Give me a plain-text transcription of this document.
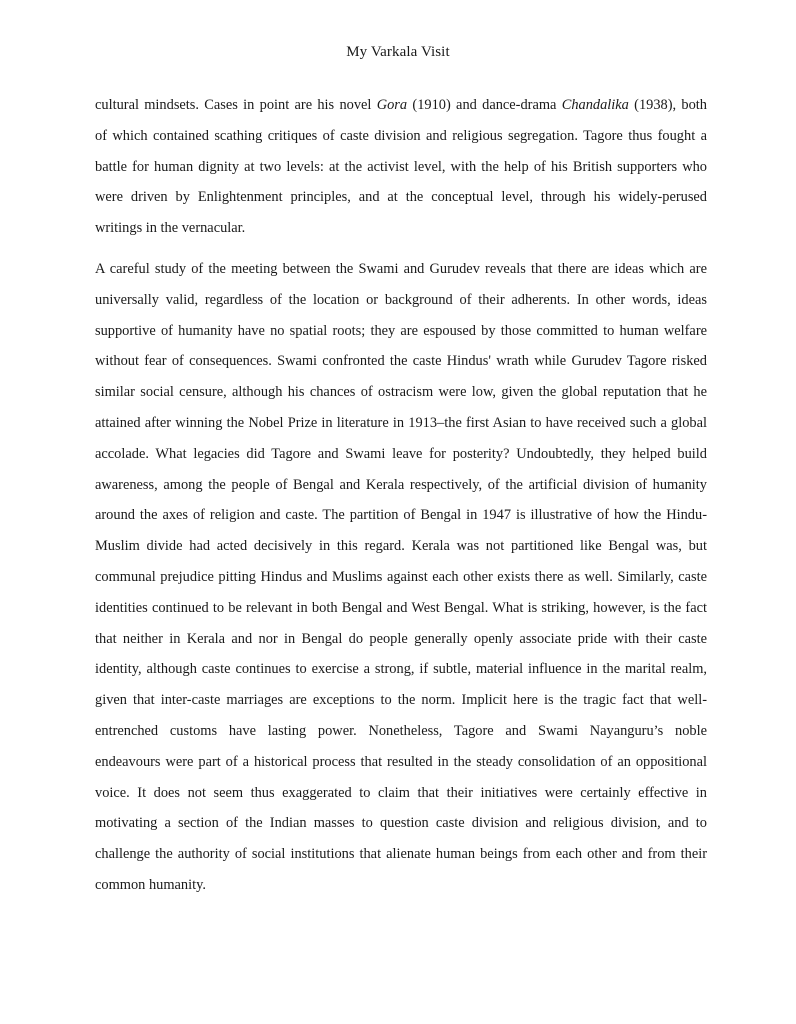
My Varkala Visit
cultural mindsets. Cases in point are his novel Gora (1910) and dance-drama Chandalika (1938), both
of which contained scathing critiques of caste division and religious segregation. Tagore thus fought a
battle for human dignity at two levels: at the activist level, with the help of his British supporters who
were driven by Enlightenment principles, and at the conceptual level, through his widely-perused
writings in the vernacular.
A careful study of the meeting between the Swami and Gurudev reveals that there are ideas which are
universally valid, regardless of the location or background of their adherents. In other words, ideas
supportive of humanity have no spatial roots; they are espoused by those committed to human welfare
without fear of consequences. Swami confronted the caste Hindus' wrath while Gurudev Tagore risked
similar social censure, although his chances of ostracism were low, given the global reputation that he
attained after winning the Nobel Prize in literature in 1913–the first Asian to have received such a global
accolade. What legacies did Tagore and Swami leave for posterity? Undoubtedly, they helped build
awareness, among the people of Bengal and Kerala respectively, of the artificial division of humanity
around the axes of religion and caste. The partition of Bengal in 1947 is illustrative of how the Hindu-
Muslim divide had acted decisively in this regard. Kerala was not partitioned like Bengal was, but
communal prejudice pitting Hindus and Muslims against each other exists there as well. Similarly, caste
identities continued to be relevant in both Bengal and West Bengal. What is striking, however, is the fact
that neither in Kerala and nor in Bengal do people generally openly associate pride with their caste
identity, although caste continues to exercise a strong, if subtle, material influence in the marital realm,
given that inter-caste marriages are exceptions to the norm. Implicit here is the tragic fact that well-
entrenched customs have lasting power. Nonetheless, Tagore and Swami Nayanguru’s noble
endeavours were part of a historical process that resulted in the steady consolidation of an oppositional
voice. It does not seem thus exaggerated to claim that their initiatives were certainly effective in
motivating a section of the Indian masses to question caste division and religious division, and to
challenge the authority of social institutions that alienate human beings from each other and from their
common humanity.
